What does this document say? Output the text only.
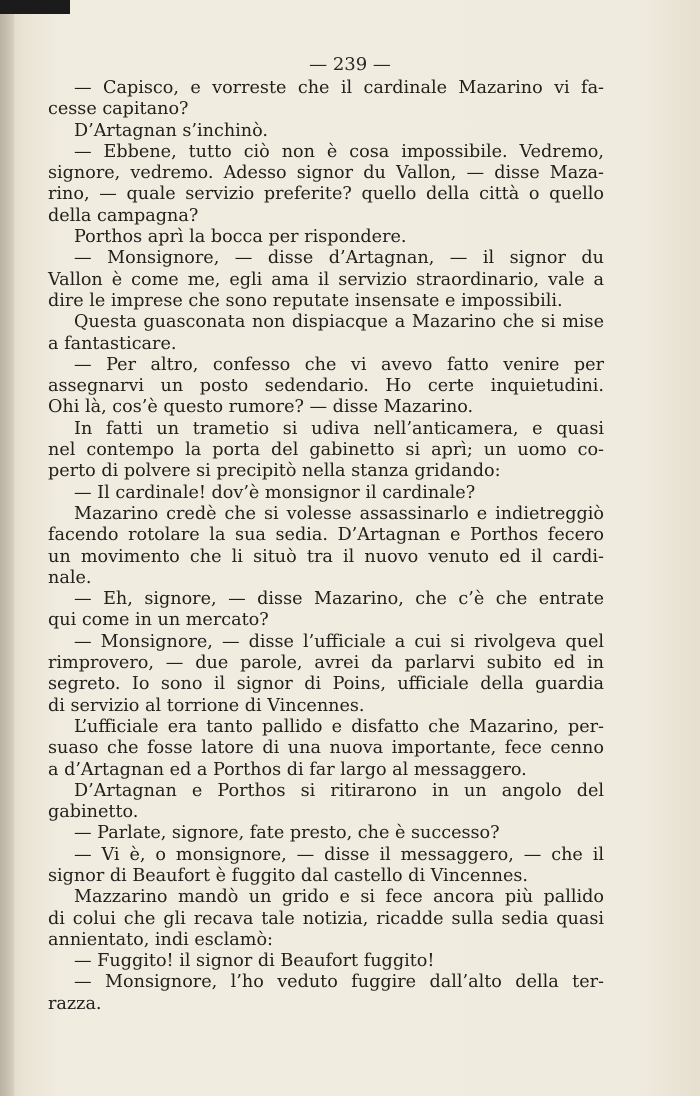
— 239 —
— Capisco, e vorreste che il cardinale Mazarino vi fa-
cesse capitano?
D’Artagnan s’inchinò.
— Ebbene, tutto ciò non è cosa impossibile. Vedremo,
signore, vedremo. Adesso signor du Vallon, — disse Maza-
rino, — quale servizio preferite? quello della città o quello
della campagna?
Porthos aprì la bocca per rispondere.
— Monsignore, — disse d’Artagnan, — il signor du
Vallon è come me, egli ama il servizio straordinario, vale a
dire le imprese che sono reputate insensate e impossibili.
Questa guasconata non dispiacque a Mazarino che si mise
a fantasticare.
— Per altro, confesso che vi avevo fatto venire per
assegnarvi un posto sedendario. Ho certe inquietudini.
Ohi là, cos’è questo rumore? — disse Mazarino.
In fatti un trametio si udiva nell’anticamera, e quasi
nel contempo la porta del gabinetto si aprì; un uomo co-
perto di polvere si precipitò nella stanza gridando:
— Il cardinale! dov’è monsignor il cardinale?
Mazarino credè che si volesse assassinarlo e indietreggiò
facendo rotolare la sua sedia. D’Artagnan e Porthos fecero
un movimento che li situò tra il nuovo venuto ed il cardi-
nale.
— Eh, signore, — disse Mazarino, che c’è che entrate
qui come in un mercato?
— Monsignore, — disse l’ufficiale a cui si rivolgeva quel
rimprovero, — due parole, avrei da parlarvi subito ed in
segreto. Io sono il signor di Poins, ufficiale della guardia
di servizio al torrione di Vincennes.
L’ufficiale era tanto pallido e disfatto che Mazarino, per-
suaso che fosse latore di una nuova importante, fece cenno
a d’Artagnan ed a Porthos di far largo al messaggero.
D’Artagnan e Porthos si ritirarono in un angolo del
gabinetto.
— Parlate, signore, fate presto, che è successo?
— Vi è, o monsignore, — disse il messaggero, — che il
signor di Beaufort è fuggito dal castello di Vincennes.
Mazzarino mandò un grido e si fece ancora più pallido
di colui che gli recava tale notizia, ricadde sulla sedia quasi
annientato, indi esclamò:
— Fuggito! il signor di Beaufort fuggito!
— Monsignore, l’ho veduto fuggire dall’alto della ter-
razza.
